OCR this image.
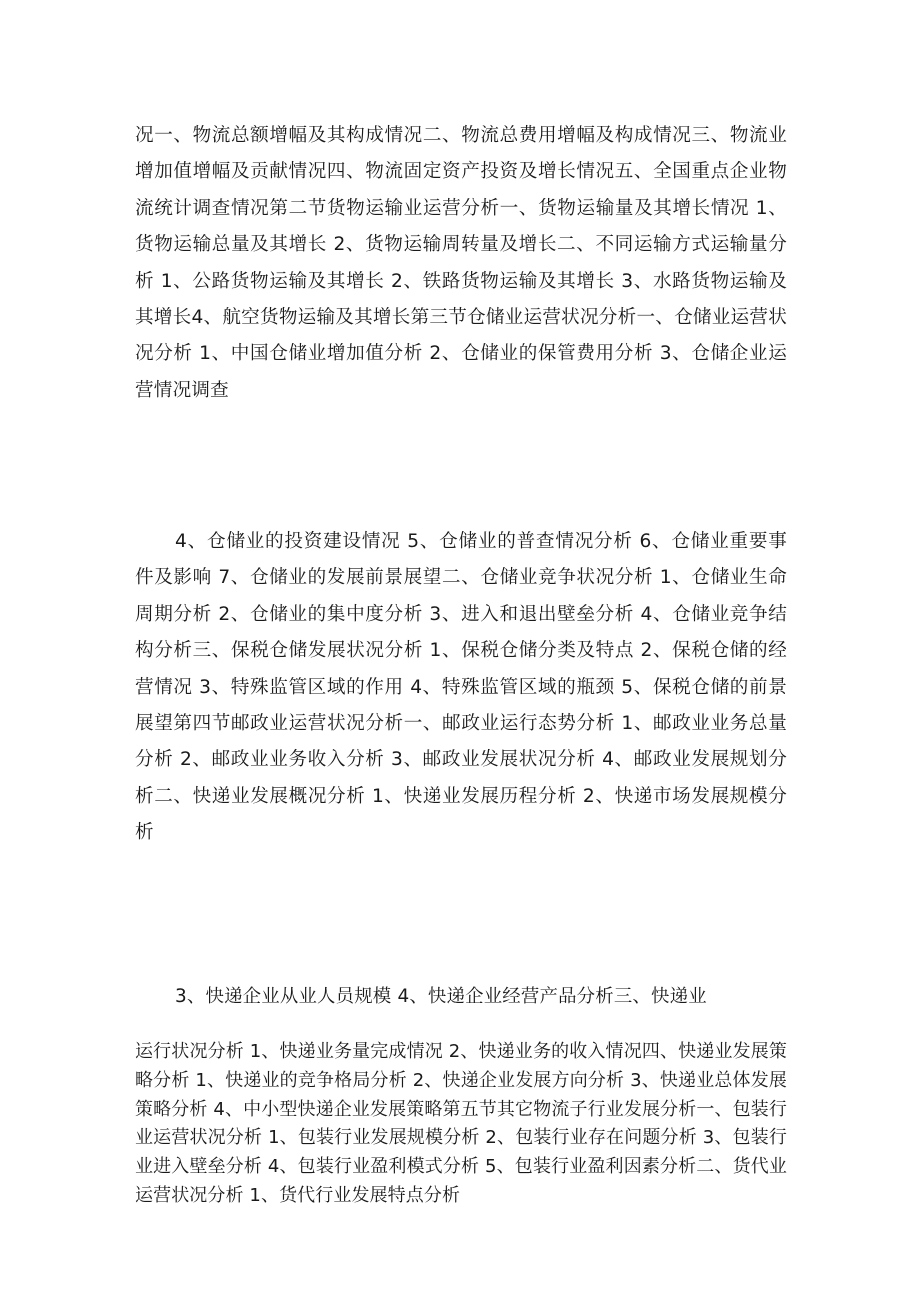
况一、物流总额增幅及其构成情况二、物流总费用增幅及构成情况三、物流业增加值增幅及贡献情况四、物流固定资产投资及增长情况五、全国重点企业物流统计调查情况第二节货物运输业运营分析一、货物运输量及其增长情况 1、货物运输总量及其增长 2、货物运输周转量及增长二、不同运输方式运输量分析 1、公路货物运输及其增长 2、铁路货物运输及其增长 3、水路货物运输及其增长4、航空货物运输及其增长第三节仓储业运营状况分析一、仓储业运营状况分析 1、中国仓储业增加值分析 2、仓储业的保管费用分析 3、仓储企业运营情况调查

4、仓储业的投资建设情况 5、仓储业的普查情况分析 6、仓储业重要事件及影响 7、仓储业的发展前景展望二、仓储业竞争状况分析 1、仓储业生命周期分析 2、仓储业的集中度分析 3、进入和退出壁垒分析 4、仓储业竞争结构分析三、保税仓储发展状况分析 1、保税仓储分类及特点 2、保税仓储的经营情况 3、特殊监管区域的作用 4、特殊监管区域的瓶颈 5、保税仓储的前景展望第四节邮政业运营状况分析一、邮政业运行态势分析 1、邮政业业务总量分析 2、邮政业业务收入分析 3、邮政业发展状况分析 4、邮政业发展规划分析二、快递业发展概况分析 1、快递业发展历程分析 2、快递市场发展规模分析

3、快递企业从业人员规模 4、快递企业经营产品分析三、快递业

运行状况分析 1、快递业务量完成情况 2、快递业务的收入情况四、快递业发展策略分析 1、快递业的竞争格局分析 2、快递企业发展方向分析 3、快递业总体发展策略分析 4、中小型快递企业发展策略第五节其它物流子行业发展分析一、包装行业运营状况分析 1、包装行业发展规模分析 2、包装行业存在问题分析 3、包装行业进入壁垒分析 4、包装行业盈利模式分析 5、包装行业盈利因素分析二、货代业运营状况分析 1、货代行业发展特点分析
